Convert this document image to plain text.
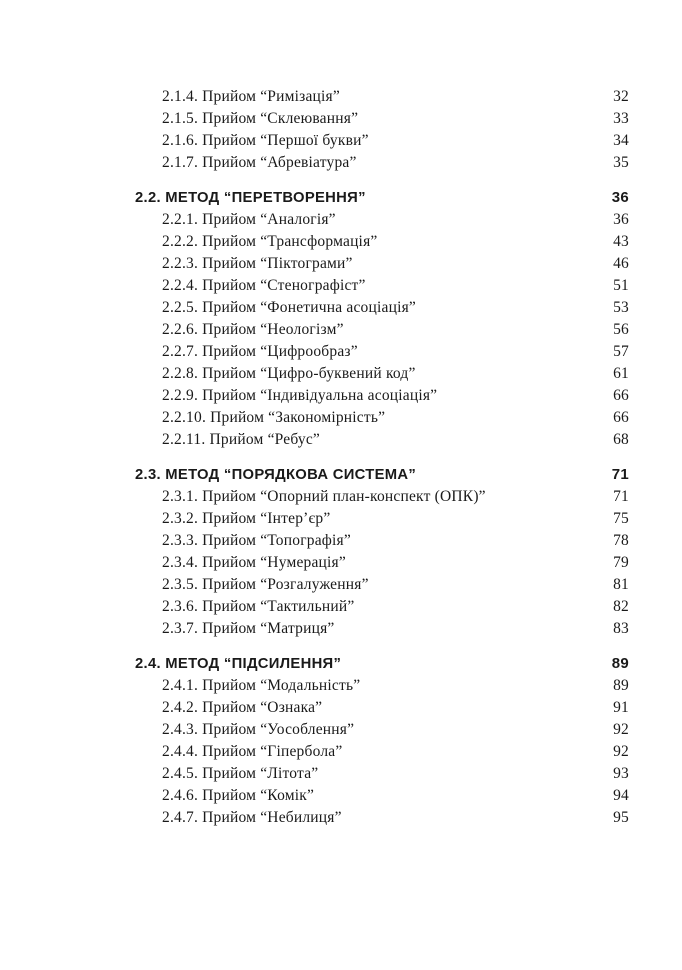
2.1.4. Прийом “Римізація”	32
2.1.5. Прийом “Склеювання”	33
2.1.6. Прийом “Першої букви”	34
2.1.7. Прийом “Абревіатура”	35
2.2. МЕТОД “ПЕРЕТВОРЕННЯ”	36
2.2.1. Прийом “Аналогія”	36
2.2.2. Прийом “Трансформація”	43
2.2.3. Прийом “Піктограми”	46
2.2.4. Прийом “Стенографіст”	51
2.2.5. Прийом “Фонетична асоціація”	53
2.2.6. Прийом “Неологізм”	56
2.2.7. Прийом “Цифрообраз”	57
2.2.8. Прийом “Цифро-буквений код”	61
2.2.9. Прийом “Індивідуальна асоціація”	66
2.2.10. Прийом “Закономірність”	66
2.2.11. Прийом “Ребус”	68
2.3. МЕТОД “ПОРЯДКОВА СИСТЕМА”	71
2.3.1. Прийом “Опорний план-конспект (ОПК)”	71
2.3.2. Прийом “Інтер’єр”	75
2.3.3. Прийом “Топографія”	78
2.3.4. Прийом “Нумерація”	79
2.3.5. Прийом “Розгалуження”	81
2.3.6. Прийом “Тактильний”	82
2.3.7. Прийом “Матриця”	83
2.4. МЕТОД “ПІДСИЛЕННЯ”	89
2.4.1. Прийом “Модальність”	89
2.4.2. Прийом “Ознака”	91
2.4.3. Прийом “Уособлення”	92
2.4.4. Прийом “Гіпербола”	92
2.4.5. Прийом “Літота”	93
2.4.6. Прийом “Комік”	94
2.4.7. Прийом “Небилиця”	95
